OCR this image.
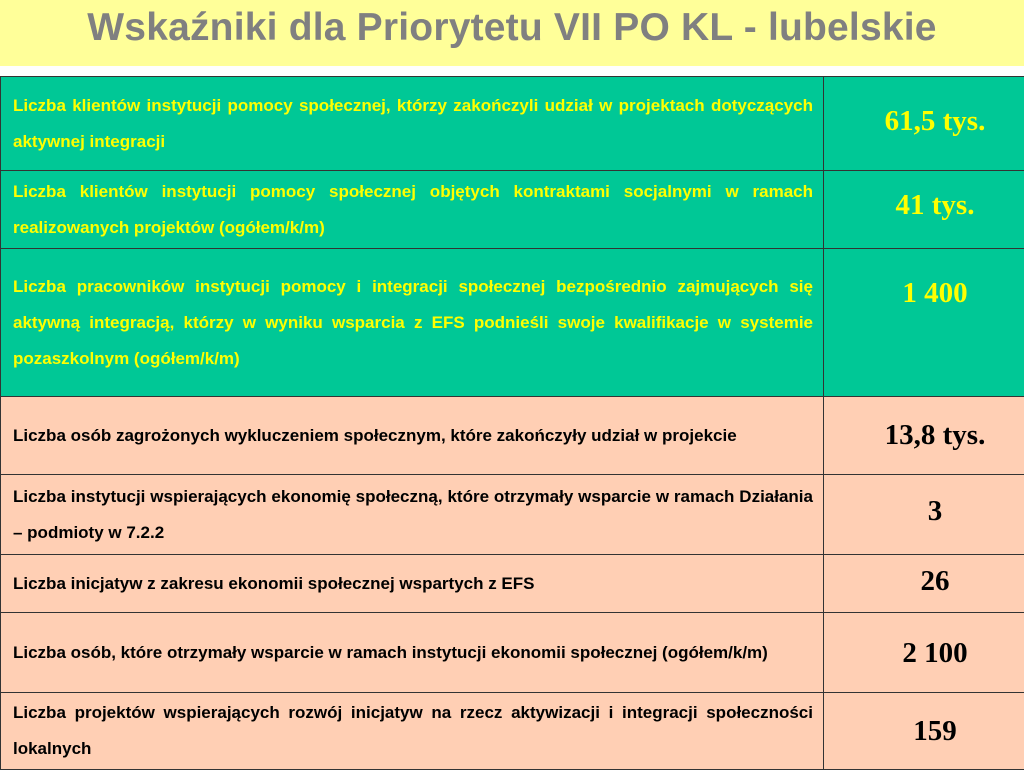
Wskaźniki dla Priorytetu VII PO KL - lubelskie
Liczba klientów instytucji pomocy społecznej, którzy zakończyli udział w projektach dotyczących aktywnej integracji	61,5 tys.

Liczba klientów instytucji pomocy społecznej objętych kontraktami socjalnymi w ramach realizowanych projektów (ogółem/k/m)	41 tys.

Liczba pracowników instytucji pomocy i integracji społecznej bezpośrednio zajmujących się aktywną integracją, którzy w wyniku wsparcia z EFS podnieśli swoje kwalifikacje w systemie pozaszkolnym (ogółem/k/m)	1 400

Liczba osób zagrożonych wykluczeniem społecznym, które zakończyły udział w projekcie	13,8 tys.

Liczba instytucji wspierających ekonomię społeczną, które otrzymały wsparcie w ramach Działania – podmioty w 7.2.2	3

Liczba inicjatyw z zakresu ekonomii społecznej wspartych z EFS	26

Liczba osób, które otrzymały wsparcie w ramach instytucji ekonomii społecznej (ogółem/k/m)	2 100

Liczba projektów wspierających rozwój inicjatyw na rzecz aktywizacji i integracji społeczności lokalnych	159
